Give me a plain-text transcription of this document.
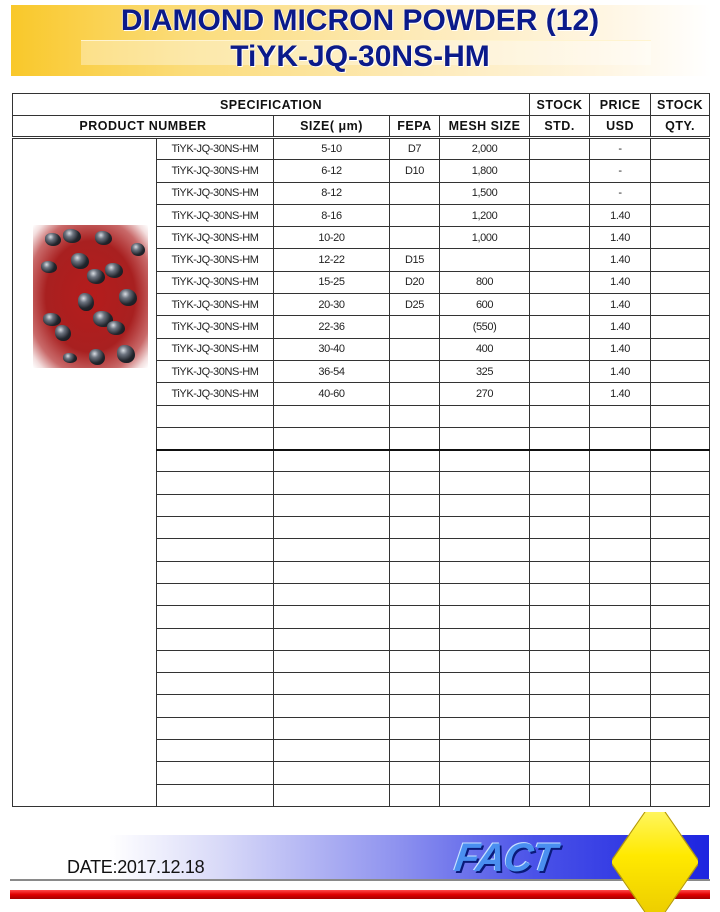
DIAMOND MICRON POWDER (12)
TiYK-JQ-30NS-HM
SPECIFICATION					STOCK	PRICE	STOCK
PRODUCT NUMBER		SIZE( μm)	FEPA	MESH SIZE	STD.	USD	QTY.

	TiYK-JQ-30NS-HM	5-10	D7	2,000		-	
	TiYK-JQ-30NS-HM	6-12	D10	1,800		-	
	TiYK-JQ-30NS-HM	8-12		1,500		-	
	TiYK-JQ-30NS-HM	8-16		1,200		1.40	
	TiYK-JQ-30NS-HM	10-20		1,000		1.40	
	TiYK-JQ-30NS-HM	12-22	D15			1.40	
	TiYK-JQ-30NS-HM	15-25	D20	800		1.40	
	TiYK-JQ-30NS-HM	20-30	D25	600		1.40	
	TiYK-JQ-30NS-HM	22-36		(550)		1.40	
	TiYK-JQ-30NS-HM	30-40		400		1.40	
	TiYK-JQ-30NS-HM	36-54		325		1.40	
	TiYK-JQ-30NS-HM	40-60		270		1.40	

DATE:2017.12.18	FACT
